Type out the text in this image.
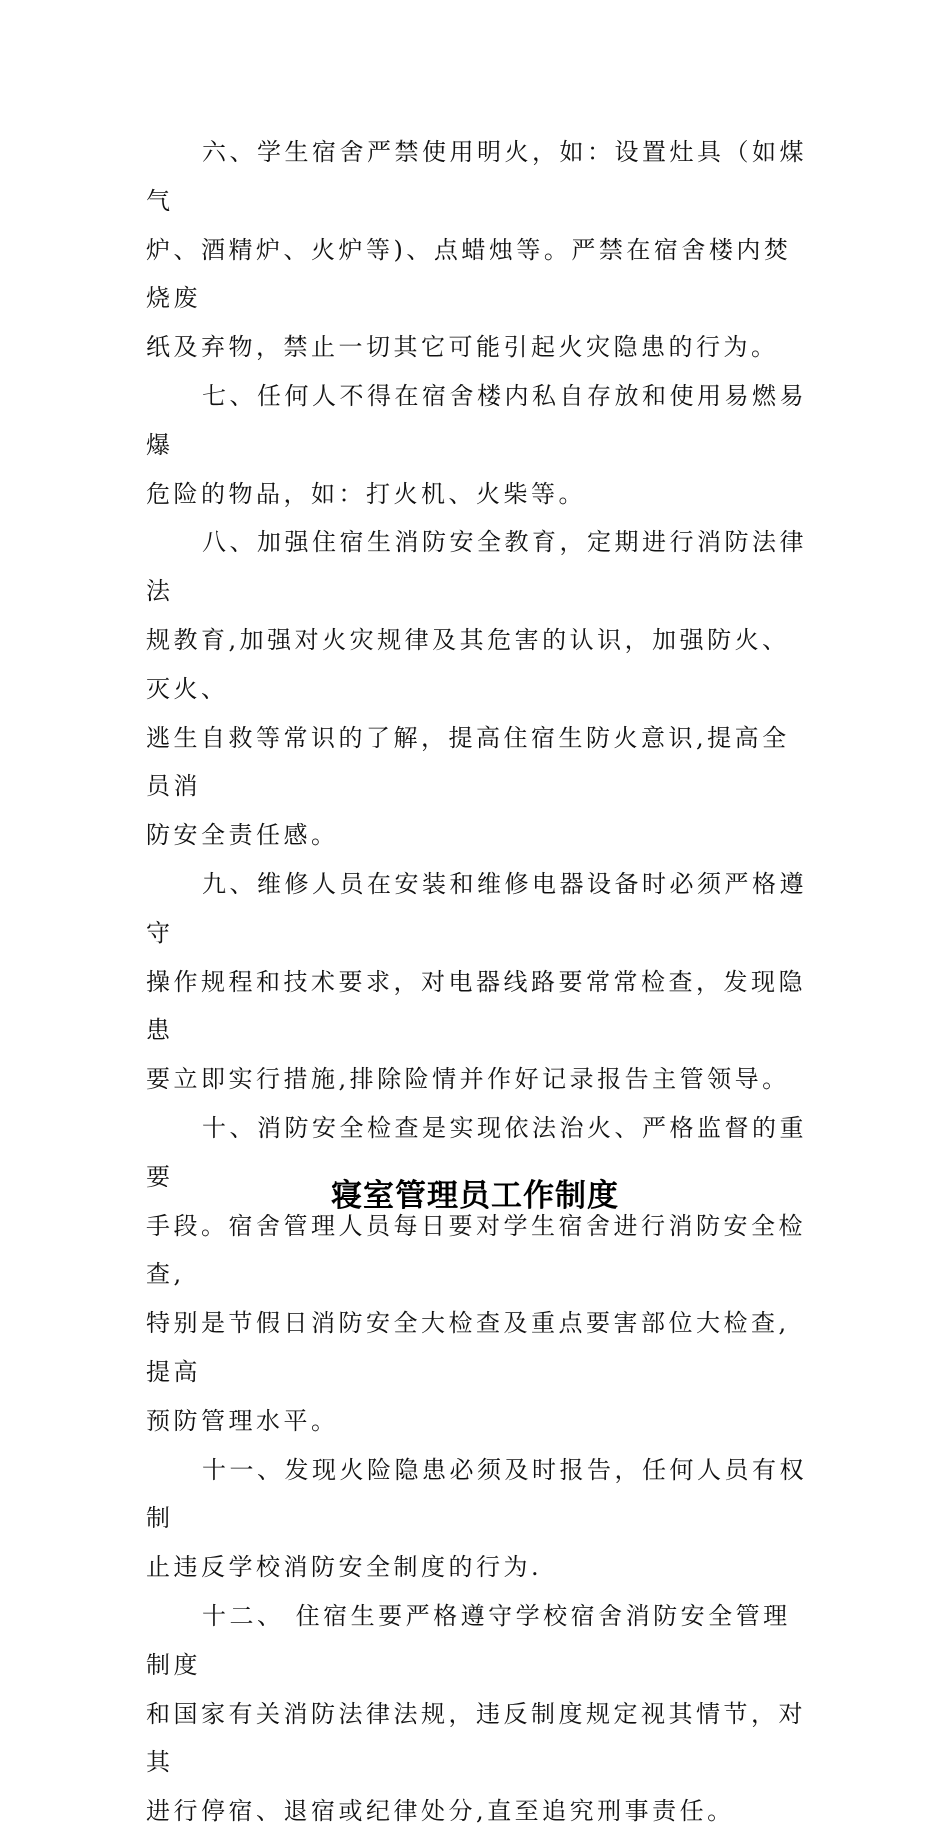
六、学生宿舍严禁使用明火，如：设置灶具（如煤气
炉、酒精炉、火炉等)、点蜡烛等。严禁在宿舍楼内焚烧废
纸及弃物，禁止一切其它可能引起火灾隐患的行为。

七、任何人不得在宿舍楼内私自存放和使用易燃易爆
危险的物品，如：打火机、火柴等。

八、加强住宿生消防安全教育，定期进行消防法律法
规教育,加强对火灾规律及其危害的认识，加强防火、灭火、
逃生自救等常识的了解，提高住宿生防火意识,提高全员消
防安全责任感。

九、维修人员在安装和维修电器设备时必须严格遵守
操作规程和技术要求，对电器线路要常常检查，发现隐患
要立即实行措施,排除险情并作好记录报告主管领导。

十、消防安全检查是实现依法治火、严格监督的重要
手段。宿舍管理人员每日要对学生宿舍进行消防安全检查,
特别是节假日消防安全大检查及重点要害部位大检查,提高
预防管理水平。

十一、发现火险隐患必须及时报告，任何人员有权制
止违反学校消防安全制度的行为.

十二、 住宿生要严格遵守学校宿舍消防安全管理制度
和国家有关消防法律法规，违反制度规定视其情节，对其
进行停宿、退宿或纪律处分,直至追究刑事责任。

寝室管理员工作制度
